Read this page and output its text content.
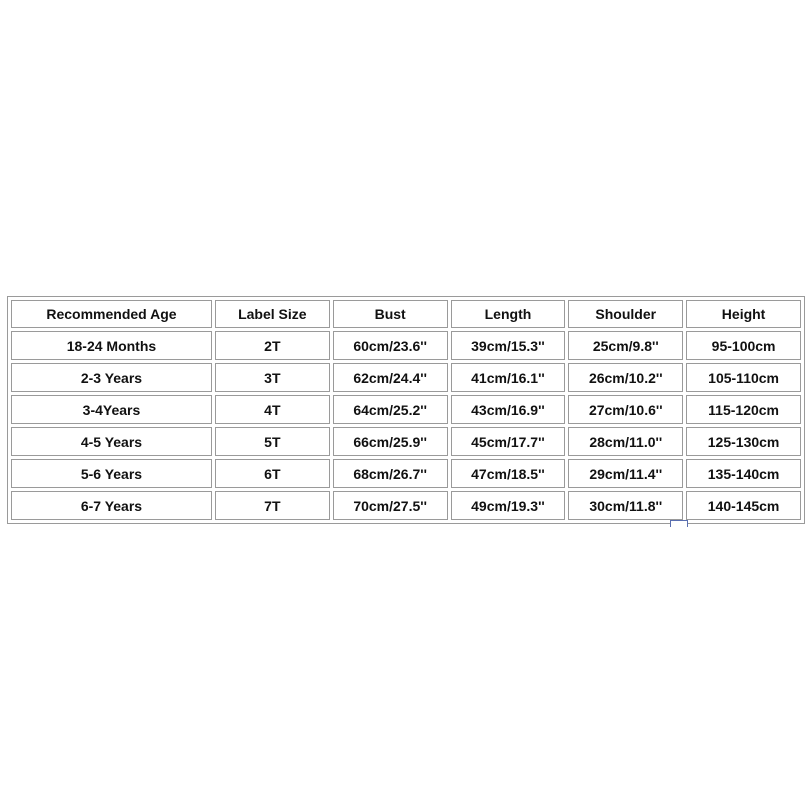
Recommended Age	Label Size	Bust	Length	Shoulder	Height
18-24 Months	2T	60cm/23.6''	39cm/15.3''	25cm/9.8''	95-100cm
2-3 Years	3T	62cm/24.4''	41cm/16.1''	26cm/10.2''	105-110cm
3-4Years	4T	64cm/25.2''	43cm/16.9''	27cm/10.6''	115-120cm
4-5 Years	5T	66cm/25.9''	45cm/17.7''	28cm/11.0''	125-130cm
5-6 Years	6T	68cm/26.7''	47cm/18.5''	29cm/11.4''	135-140cm
6-7 Years	7T	70cm/27.5''	49cm/19.3''	30cm/11.8''	140-145cm
